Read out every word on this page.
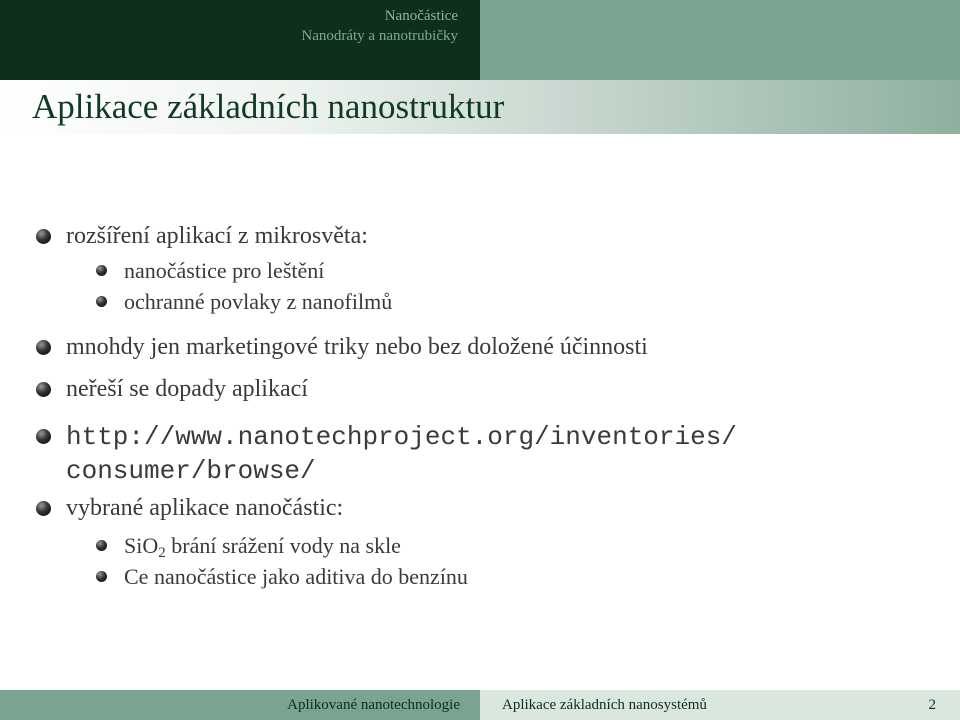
Nanočástice
Nanodráty a nanotrubičky
Aplikace základních nanostruktur
rozšíření aplikací z mikrosvěta:
nanočástice pro leštění
ochranné povlaky z nanofilmů
mnohdy jen marketingové triky nebo bez doložené účinnosti
neřeší se dopady aplikací
http://www.nanotechproject.org/inventories/
consumer/browse/
vybrané aplikace nanočástic:
SiO2 brání srážení vody na skle
Ce nanočástice jako aditiva do benzínu
Aplikované nanotechnologie	Aplikace základních nanosystémů	2
